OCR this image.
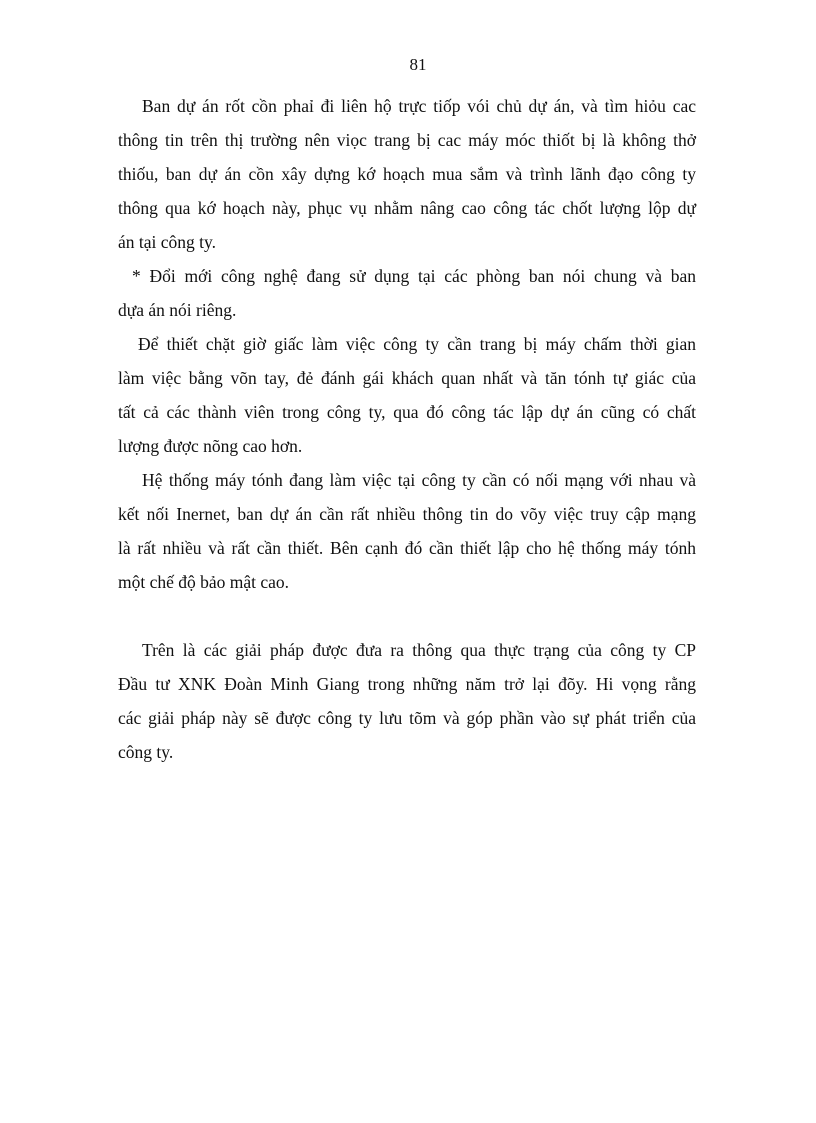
81
Ban dự án rốt cồn phaỉ đi liên hộ trực tiốp vói chủ dự án, và tìm hiỏu cac
thông tin trên thị trường nên viọc trang bị cac máy móc thiốt bị là không thở
thiốu, ban dự án cồn xây dựng kớ hoạch mua sắm và trình lãnh đạo công ty
thông qua kớ hoạch này, phục vụ nhằm nâng cao công tác chốt lượng lộp dự
án tại công ty.
* Đổi mới công nghệ đang sử dụng tại các phòng ban nói chung và ban
dựa án nói riêng.
Để thiết chặt giờ giấc làm việc công ty cần trang bị máy chấm thời gian
làm việc bằng võn tay, đẻ đánh gái khách quan nhất và tăn tónh tự giác của
tất cả các thành viên trong công ty, qua đó công tác lập dự án cũng có chất
lượng được nõng cao hơn.
Hệ thống máy tónh đang làm việc tại công ty cần có nối mạng với nhau và
kết nối Inernet, ban dự án cần rất nhiều thông tin do võy việc truy cập mạng
là rất nhiều và rất cần thiết. Bên cạnh đó cần thiết lập cho hệ thống máy tónh
một chế độ bảo mật cao.
Trên là các giải pháp được đưa ra thông qua thực trạng của công ty CP
Đầu tư XNK Đoàn Minh Giang trong những năm trở lại đõy. Hi vọng rằng
các giải pháp này sẽ được công ty lưu tõm và góp phần vào sự phát triển của
công ty.
